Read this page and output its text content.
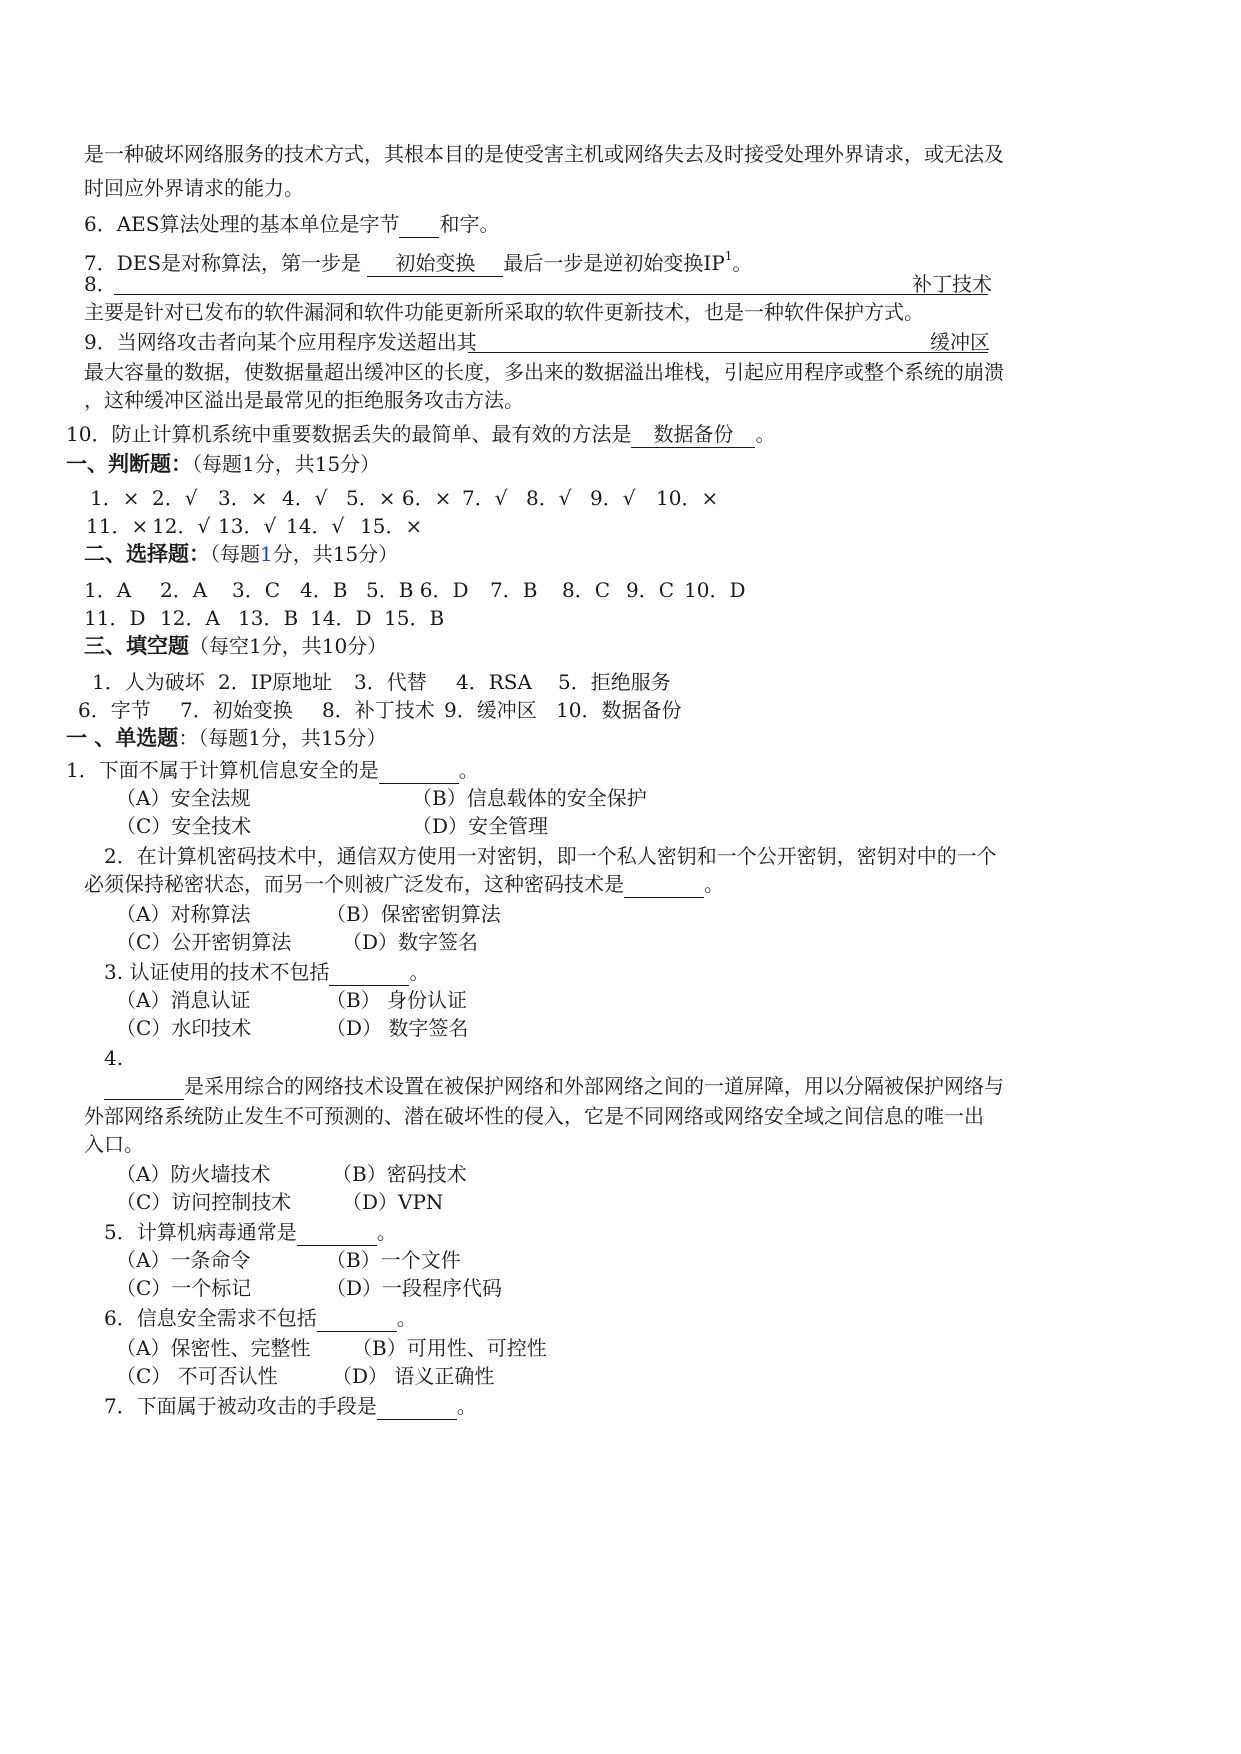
是一种破坏网络服务的技术方式，其根本目的是使受害主机或网络失去及时接受处理外界请求，或无法及
时回应外界请求的能力。
6．AES算法处理的基本单位是字节 和字。
7．DES是对称算法，第一步是 初始变换 最后一步是逆初始变换$IP^1$。
8．	补丁技术
主要是针对已发布的软件漏洞和软件功能更新所采取的软件更新技术，也是一种软件保护方式。
9．当网络攻击者向某个应用程序发送超出其	缓冲区
最大容量的数据，使数据量超出缓冲区的长度，多出来的数据溢出堆栈，引起应用程序或整个系统的崩溃
，这种缓冲区溢出是最常见的拒绝服务攻击方法。
10．防止计算机系统中重要数据丢失的最简单、最有效的方法是 数据备份 。
一、判断题：（每题1分，共15分）
1．× 2．√ 3．× 4．√ 5．× 6．× 7．√ 8．√ 9．√ 10．×
11．× 12．√ 13．√ 14．√ 15．×
二、选择题：（每题1分，共15分）
1．A 2．A 3．C 4．B 5．B 6．D 7．B 8．C 9．C 10．D
11．D 12．A 13．B 14．D 15．B
三、填空题（每空1分，共10分）
1．人为破坏 2．IP原地址 3．代替 4．RSA 5．拒绝服务
6．字节 7．初始变换 8．补丁技术 9．缓冲区 10．数据备份
一 、单选题：（每题1分，共15分）
1．下面不属于计算机信息安全的是	。
（A）安全法规	（B）信息载体的安全保护
（C）安全技术	（D）安全管理
2．在计算机密码技术中，通信双方使用一对密钥，即一个私人密钥和一个公开密钥，密钥对中的一个
必须保持秘密状态，而另一个则被广泛发布，这种密码技术是	。
（A）对称算法	（B）保密密钥算法
（C）公开密钥算法	（D）数字签名
3. 认证使用的技术不包括	。
（A）消息认证	（B） 身份认证
（C）水印技术	（D） 数字签名
4.
是采用综合的网络技术设置在被保护网络和外部网络之间的一道屏障，用以分隔被保护网络与
外部网络系统防止发生不可预测的、潜在破坏性的侵入，它是不同网络或网络安全域之间信息的唯一出
入口。
（A）防火墙技术	（B）密码技术
（C）访问控制技术	（D）VPN
5．计算机病毒通常是	。
（A）一条命令	（B）一个文件
（C）一个标记	（D）一段程序代码
6．信息安全需求不包括	。
（A）保密性、完整性 （B）可用性、可控性
（C） 不可否认性	（D） 语义正确性
7．下面属于被动攻击的手段是	。
